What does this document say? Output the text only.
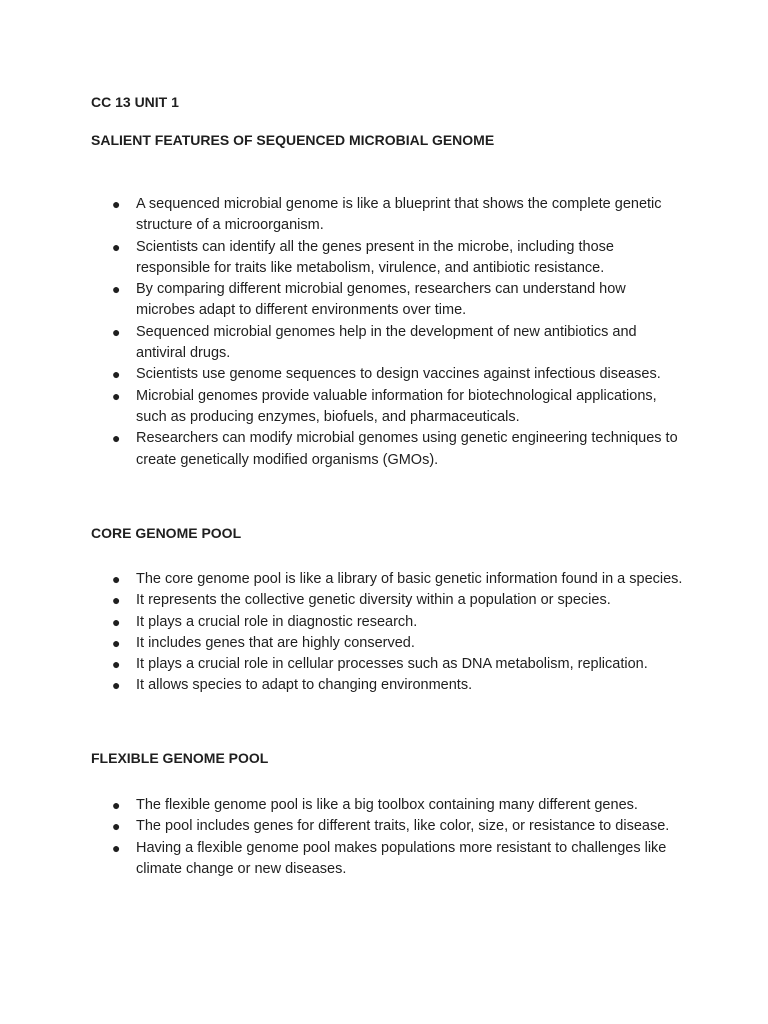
CC 13 UNIT 1
SALIENT FEATURES OF SEQUENCED MICROBIAL GENOME
● A sequenced microbial genome is like a blueprint that shows the complete genetic structure of a microorganism.
● Scientists can identify all the genes present in the microbe, including those responsible for traits like metabolism, virulence, and antibiotic resistance.
● By comparing different microbial genomes, researchers can understand how microbes adapt to different environments over time.
● Sequenced microbial genomes help in the development of new antibiotics and antiviral drugs.
● Scientists use genome sequences to design vaccines against infectious diseases.
● Microbial genomes provide valuable information for biotechnological applications, such as producing enzymes, biofuels, and pharmaceuticals.
● Researchers can modify microbial genomes using genetic engineering techniques to create genetically modified organisms (GMOs).
CORE GENOME POOL
● The core genome pool is like a library of basic genetic information found in a species.
● It represents the collective genetic diversity within a population or species.
● It plays a crucial role in diagnostic research.
● It includes genes that are highly conserved.
● It plays a crucial role in cellular processes such as DNA metabolism, replication.
● It allows species to adapt to changing environments.
FLEXIBLE GENOME POOL
● The flexible genome pool is like a big toolbox containing many different genes.
● The pool includes genes for different traits, like color, size, or resistance to disease.
● Having a flexible genome pool makes populations more resistant to challenges like climate change or new diseases.
